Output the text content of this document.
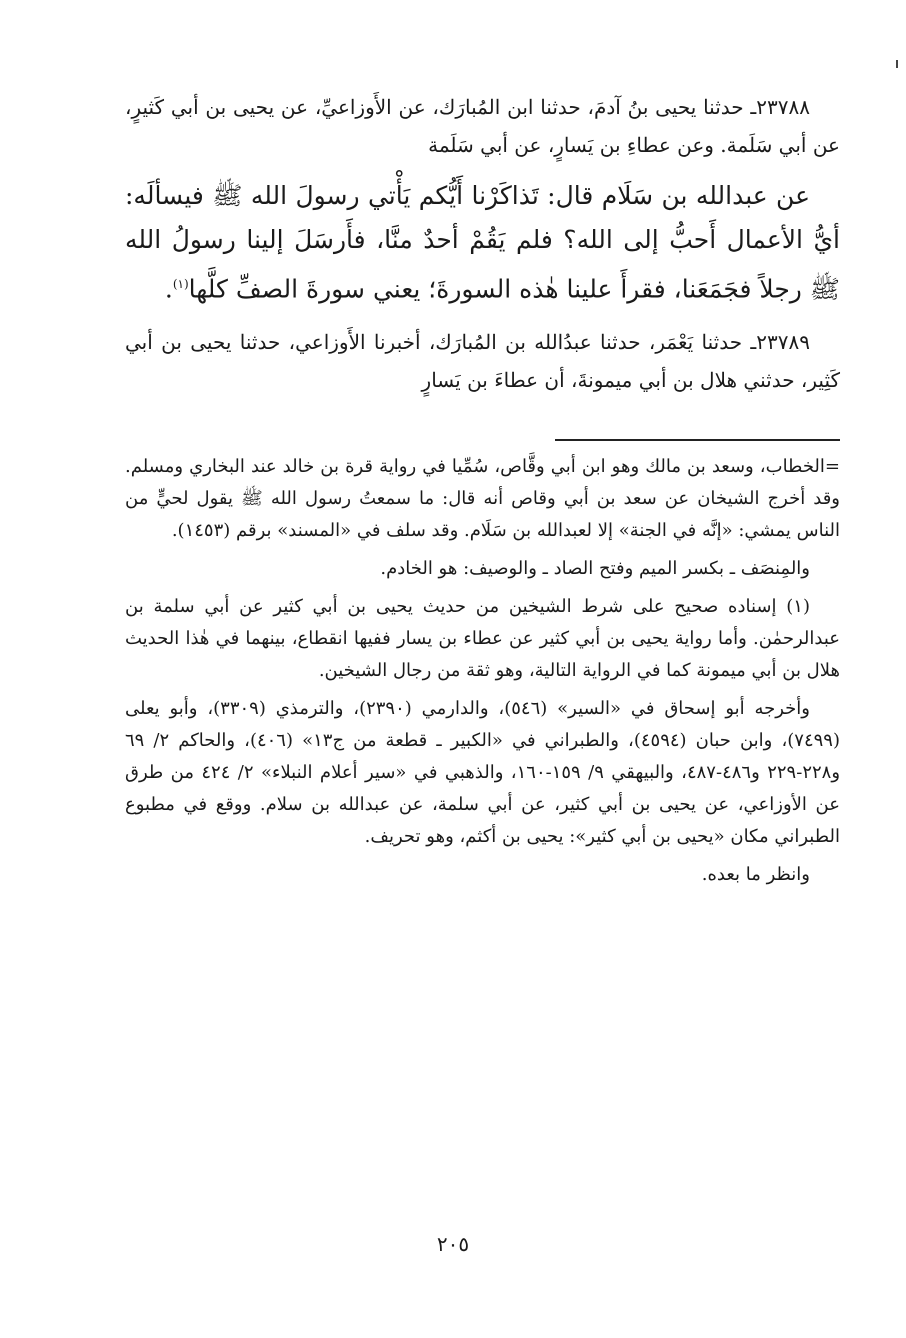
٢٣٧٨٨ـ حدثنا يحيى بنُ آدمَ، حدثنا ابن المُبارَك، عن الأَوزاعيِّ، عن يحيى بن أبي كَثيرٍ، عن أبي سَلَمة. وعن عطاءِ بن يَسارٍ، عن أبي سَلَمة

عن عبدالله بن سَلَام قال: تَذاكَرْنا أَيُّكم يَأْتي رسولَ الله ﷺ فيسألَه: أيُّ الأعمال أَحبُّ إلى الله؟ فلم يَقُمْ أحدٌ منَّا، فأَرسَلَ إلينا رسولُ الله ﷺ رجلاً فجَمَعَنا، فقرأَ علينا هٰذه السورةَ؛ يعني سورةَ الصفِّ كلَّها$^{(١)}$.

٢٣٧٨٩ـ حدثنا يَعْمَر، حدثنا عبدُالله بن المُبارَك، أخبرنا الأَوزاعي، حدثنا يحيى بن أبي كَثِير، حدثني هلال بن أبي ميمونةَ، أن عطاءَ بن يَسارٍ

=الخطاب، وسعد بن مالك وهو ابن أبي وقَّاص، سُمِّيا في رواية قرة بن خالد عند البخاري ومسلم. وقد أخرج الشيخان عن سعد بن أبي وقاص أنه قال: ما سمعتُ رسول الله ﷺ يقول لحيٍّ من الناس يمشي: «إنَّه في الجنة» إلا لعبدالله بن سَلَام. وقد سلف في «المسند» برقم (١٤٥٣).

والمِنصَف ـ بكسر الميم وفتح الصاد ـ والوصيف: هو الخادم.

(١) إسناده صحيح على شرط الشيخين من حديث يحيى بن أبي كثير عن أبي سلمة بن عبدالرحمٰن. وأما رواية يحيى بن أبي كثير عن عطاء بن يسار ففيها انقطاع، بينهما في هٰذا الحديث هلال بن أبي ميمونة كما في الرواية التالية، وهو ثقة من رجال الشيخين.

وأخرجه أبو إسحاق في «السير» (٥٤٦)، والدارمي (٢٣٩٠)، والترمذي (٣٣٠٩)، وأبو يعلى (٧٤٩٩)، وابن حبان (٤٥٩٤)، والطبراني في «الكبير ـ قطعة من ج١٣» (٤٠٦)، والحاكم ٢/ ٦٩ و٢٢٨-٢٢٩ و٤٨٦-٤٨٧، والبيهقي ٩/ ١٥٩-١٦٠، والذهبي في «سير أعلام النبلاء» ٢/ ٤٢٤ من طرق عن الأوزاعي، عن يحيى بن أبي كثير، عن أبي سلمة، عن عبدالله بن سلام. ووقع في مطبوع الطبراني مكان «يحيى بن أبي كثير»: يحيى بن أكثم، وهو تحريف.

وانظر ما بعده.

٢٠٥
